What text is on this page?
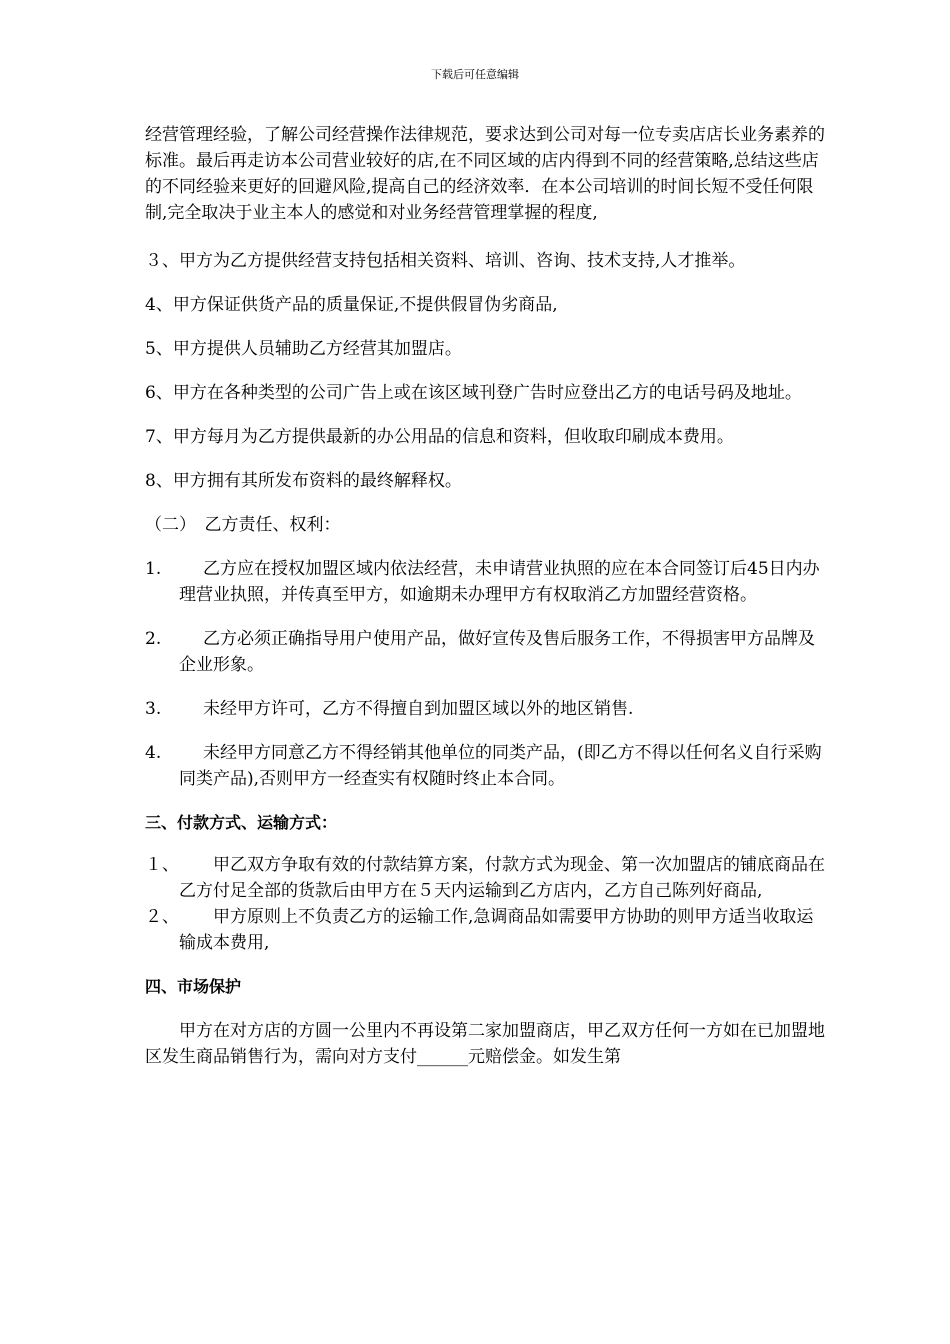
下载后可任意编辑

经营管理经验，了解公司经营操作法律规范，要求达到公司对每一位专卖店店长业务素养的标准。最后再走访本公司营业较好的店,在不同区域的店内得到不同的经营策略,总结这些店的不同经验来更好的回避风险,提高自己的经济效率．在本公司培训的时间长短不受任何限制,完全取决于业主本人的感觉和对业务经营管理掌握的程度,

３、甲方为乙方提供经营支持包括相关资料、培训、咨询、技术支持,人才推举。
4、甲方保证供货产品的质量保证,不提供假冒伪劣商品,
5、甲方提供人员辅助乙方经营其加盟店。
6、甲方在各种类型的公司广告上或在该区域刊登广告时应登出乙方的电话号码及地址。
7、甲方每月为乙方提供最新的办公用品的信息和资料，但收取印刷成本费用。
8、甲方拥有其所发布资料的最终解释权。
（二）　乙方责任、权利：
1.	乙方应在授权加盟区域内依法经营，未申请营业执照的应在本合同签订后45日内办理营业执照，并传真至甲方，如逾期未办理甲方有权取消乙方加盟经营资格。
2.	乙方必须正确指导用户使用产品，做好宣传及售后服务工作，不得损害甲方品牌及企业形象。
3.	未经甲方许可，乙方不得擅自到加盟区域以外的地区销售.
4.	未经甲方同意乙方不得经销其他单位的同类产品，(即乙方不得以任何名义自行采购同类产品),否则甲方一经查实有权随时终止本合同。
三、付款方式、运输方式：
１、	甲乙双方争取有效的付款结算方案，付款方式为现金、第一次加盟店的铺底商品在乙方付足全部的货款后由甲方在５天内运输到乙方店内，乙方自己陈列好商品,
２、	甲方原则上不负责乙方的运输工作,急调商品如需要甲方协助的则甲方适当收取运输成本费用,
四、市场保护
甲方在对方店的方圆一公里内不再设第二家加盟商店，甲乙双方任何一方如在已加盟地区发生商品销售行为，需向对方支付______元赔偿金。如发生第
